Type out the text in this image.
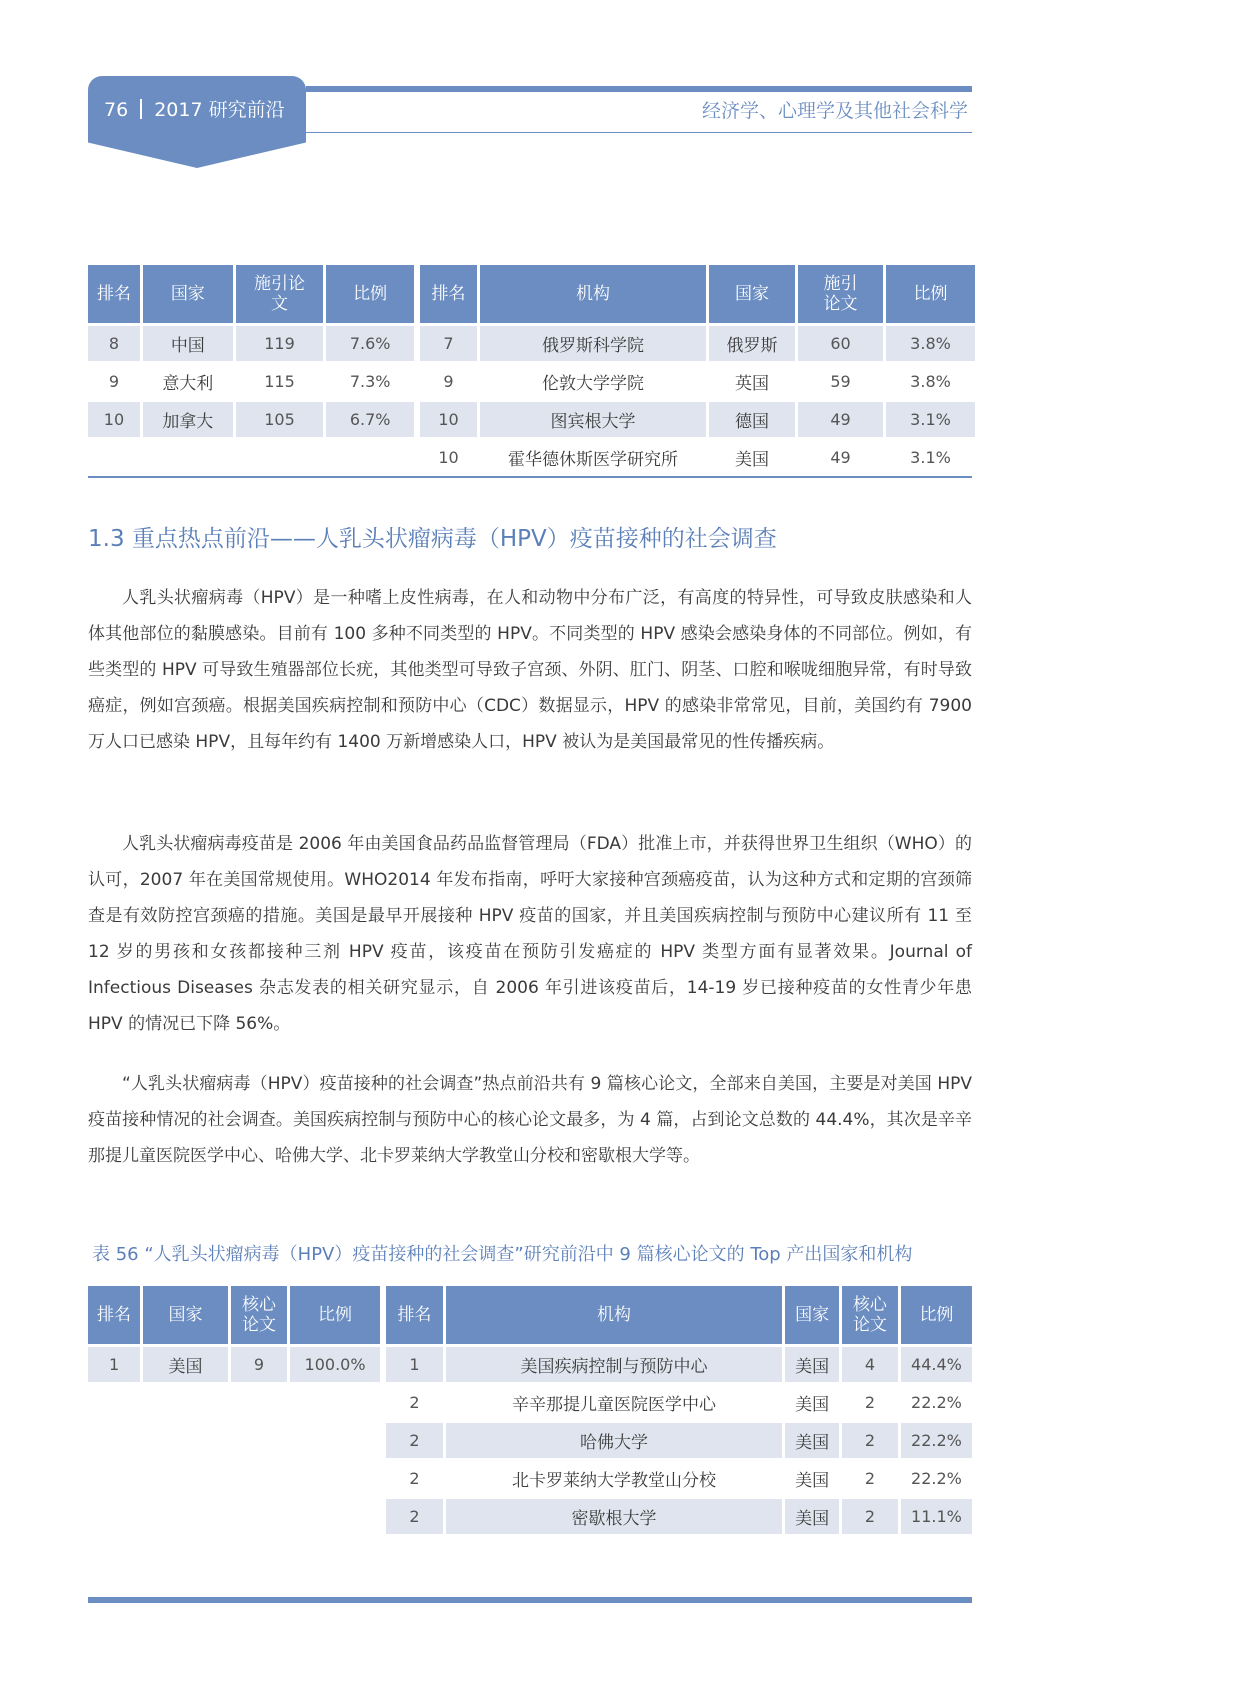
76 2017 研究前沿	经济学、心理学及其他社会科学
排名	国家	施引论文	比例
8	中国	119	7.6%
9	意大利	115	7.3%
10	加拿大	105	6.7%
排名	机构	国家	施引论文	比例
7	俄罗斯科学院	俄罗斯	60	3.8%
9	伦敦大学学院	英国	59	3.8%
10	图宾根大学	德国	49	3.1%
10	霍华德休斯医学研究所	美国	49	3.1%
1.3 重点热点前沿——人乳头状瘤病毒（HPV）疫苗接种的社会调查

人乳头状瘤病毒（HPV）是一种嗜上皮性病毒，在人和动物中分布广泛，有高度的特异性，可导致皮肤感染和人体其他部位的黏膜感染。目前有 100 多种不同类型的 HPV。不同类型的 HPV 感染会感染身体的不同部位。例如，有些类型的 HPV 可导致生殖器部位长疣，其他类型可导致子宫颈、外阴、肛门、阴茎、口腔和喉咙细胞异常，有时导致癌症，例如宫颈癌。根据美国疾病控制和预防中心（CDC）数据显示，HPV 的感染非常常见，目前，美国约有 7900 万人口已感染 HPV，且每年约有 1400 万新增感染人口，HPV 被认为是美国最常见的性传播疾病。

人乳头状瘤病毒疫苗是 2006 年由美国食品药品监督管理局（FDA）批准上市，并获得世界卫生组织（WHO）的认可，2007 年在美国常规使用。WHO2014 年发布指南，呼吁大家接种宫颈癌疫苗，认为这种方式和定期的宫颈筛查是有效防控宫颈癌的措施。美国是最早开展接种 HPV 疫苗的国家，并且美国疾病控制与预防中心建议所有 11 至 12 岁的男孩和女孩都接种三剂 HPV 疫苗，该疫苗在预防引发癌症的 HPV 类型方面有显著效果。Journal of Infectious Diseases 杂志发表的相关研究显示，自 2006 年引进该疫苗后，14-19 岁已接种疫苗的女性青少年患 HPV 的情况已下降 56%。

“人乳头状瘤病毒（HPV）疫苗接种的社会调查”热点前沿共有 9 篇核心论文，全部来自美国，主要是对美国 HPV 疫苗接种情况的社会调查。美国疾病控制与预防中心的核心论文最多，为 4 篇，占到论文总数的 44.4%，其次是辛辛那提儿童医院医学中心、哈佛大学、北卡罗莱纳大学教堂山分校和密歇根大学等。

表 56 “人乳头状瘤病毒（HPV）疫苗接种的社会调查”研究前沿中 9 篇核心论文的 Top 产出国家和机构
排名	国家	核心论文	比例
1	美国	9	100.0%
排名	机构	国家	核心论文	比例
1	美国疾病控制与预防中心	美国	4	44.4%
2	辛辛那提儿童医院医学中心	美国	2	22.2%
2	哈佛大学	美国	2	22.2%
2	北卡罗莱纳大学教堂山分校	美国	2	22.2%
2	密歇根大学	美国	2	11.1%
